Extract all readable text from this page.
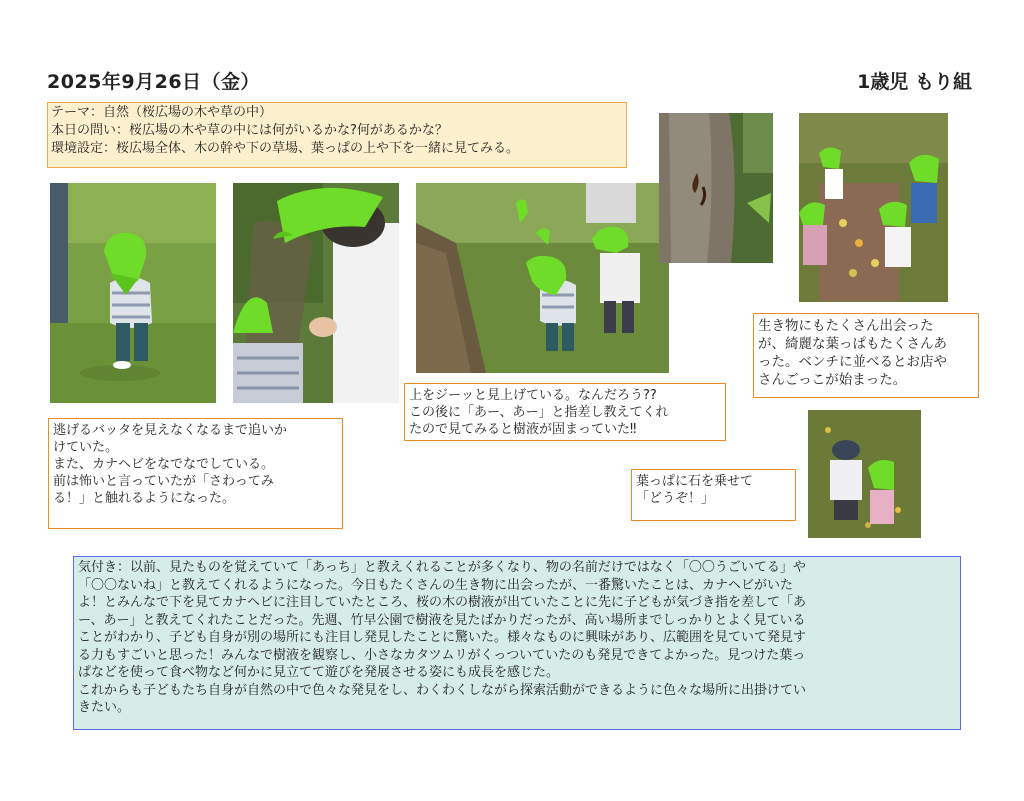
2025年9月26日（金）	1歳児 もり組
テーマ：自然（桜広場の木や草の中）
本日の問い：桜広場の木や草の中には何がいるかな?何があるかな？
環境設定：桜広場全体、木の幹や下の草場、葉っぱの上や下を一緒に見てみる。
逃げるバッタを見えなくなるまで追いか
けていた。
また、カナヘビをなでなでしている。
前は怖いと言っていたが「さわってみ
る！」と触れるようになった。
上をジーッと見上げている。なんだろう??
この後に「あー、あー」と指差し教えてくれ
たので見てみると樹液が固まっていた‼
生き物にもたくさん出会った
が、綺麗な葉っぱもたくさんあ
った。ベンチに並べるとお店や
さんごっこが始まった。
葉っぱに石を乗せて
「どうぞ！」
気付き：以前、見たものを覚えていて「あっち」と教えくれることが多くなり、物の名前だけではなく「〇〇うごいてる」や
「〇〇ないね」と教えてくれるようになった。今日もたくさんの生き物に出会ったが、一番驚いたことは、カナヘビがいた
よ！とみんなで下を見てカナヘビに注目していたところ、桜の木の樹液が出ていたことに先に子どもが気づき指を差して「あ
ー、あー」と教えてくれたことだった。先週、竹早公園で樹液を見たばかりだったが、高い場所までしっかりとよく見ている
ことがわかり、子ども自身が別の場所にも注目し発見したことに驚いた。様々なものに興味があり、広範囲を見ていて発見す
る力もすごいと思った！みんなで樹液を観察し、小さなカタツムリがくっついていたのも発見できてよかった。見つけた葉っ
ぱなどを使って食べ物など何かに見立てて遊びを発展させる姿にも成長を感じた。
これからも子どもたち自身が自然の中で色々な発見をし、わくわくしながら探索活動ができるように色々な場所に出掛けてい
きたい。
